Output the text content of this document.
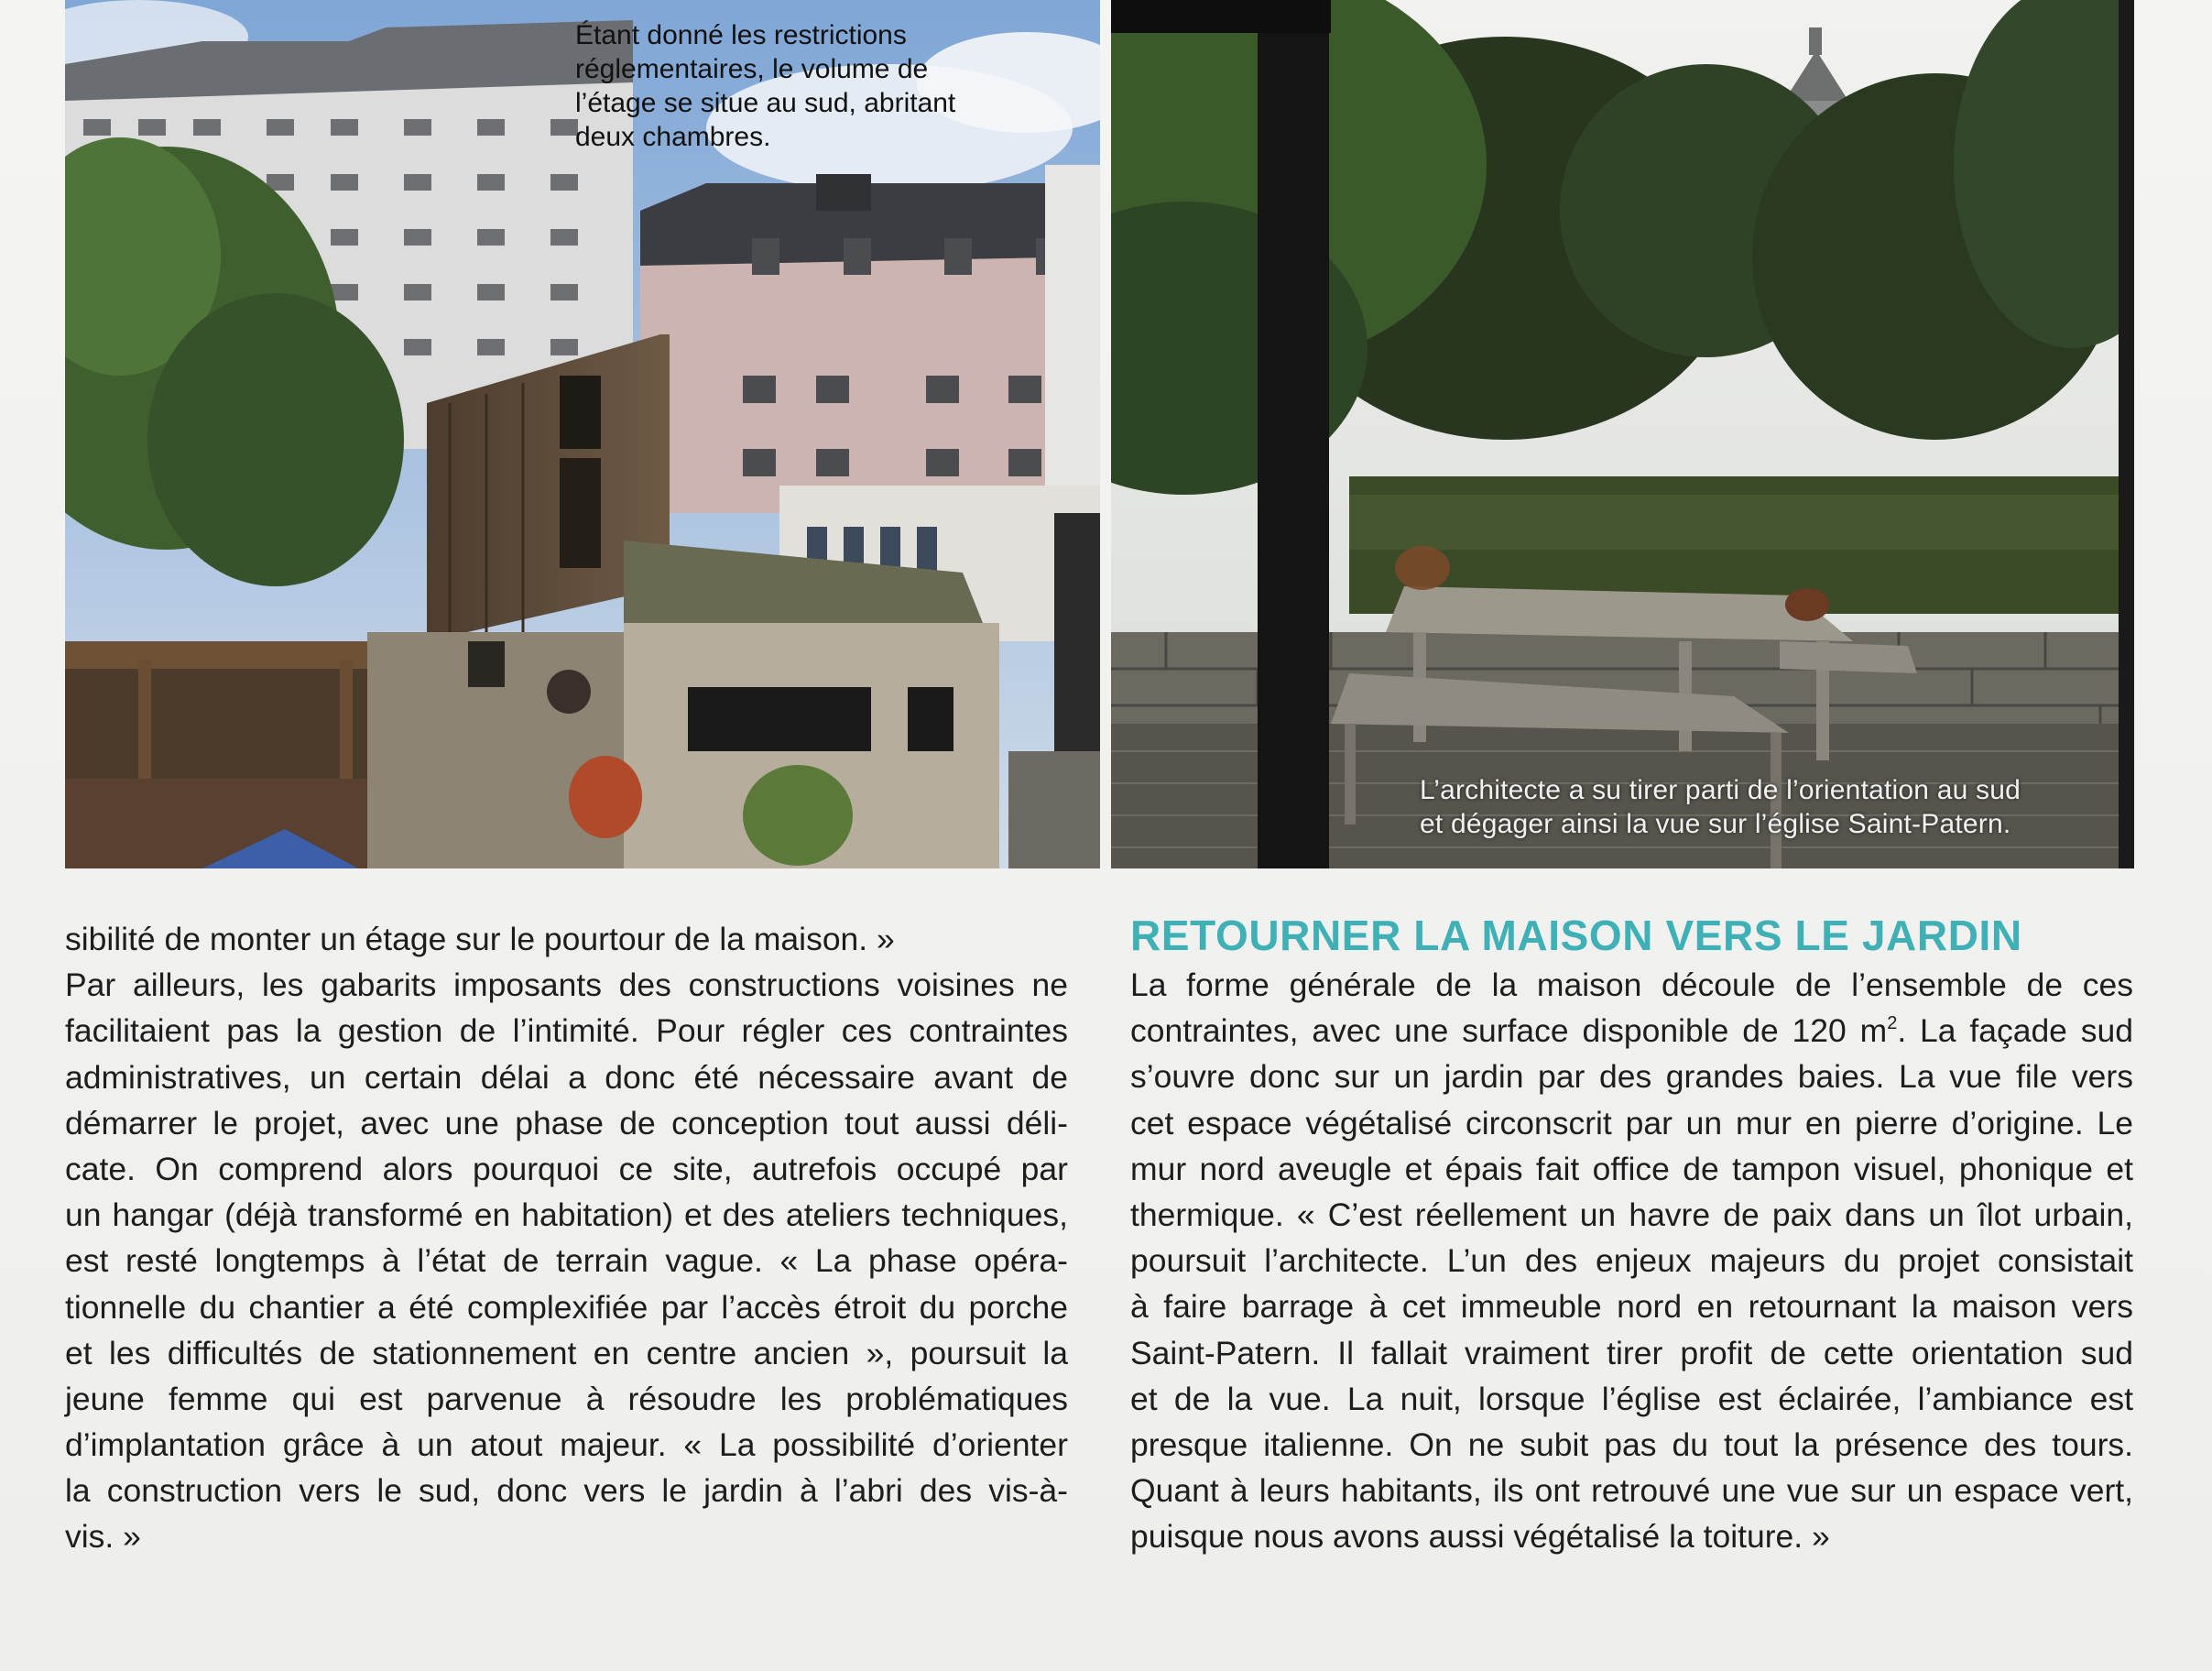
Étant donné les restrictions
réglementaires, le volume de
l’étage se situe au sud, abritant
deux chambres.

L’architecte a su tirer parti de l’orientation au sud
et dégager ainsi la vue sur l’église Saint-Patern.

sibilité de monter un étage sur le pourtour de la maison. »
Par ailleurs, les gabarits imposants des constructions voisines ne
facilitaient pas la gestion de l’intimité. Pour régler ces contraintes
administratives, un certain délai a donc été nécessaire avant de
démarrer le projet, avec une phase de conception tout aussi déli-
cate. On comprend alors pourquoi ce site, autrefois occupé par
un hangar (déjà transformé en habitation) et des ateliers techniques,
est resté longtemps à l’état de terrain vague. « La phase opéra-
tionnelle du chantier a été complexifiée par l’accès étroit du porche
et les difficultés de stationnement en centre ancien », poursuit la
jeune femme qui est parvenue à résoudre les problématiques
d’implantation grâce à un atout majeur. « La possibilité d’orienter
la construction vers le sud, donc vers le jardin à l’abri des vis-à-
vis. »
RETOURNER LA MAISON VERS LE JARDIN
La forme générale de la maison découle de l’ensemble de ces
contraintes, avec une surface disponible de 120 $m^2$. La façade sud
s’ouvre donc sur un jardin par des grandes baies. La vue file vers
cet espace végétalisé circonscrit par un mur en pierre d’origine. Le
mur nord aveugle et épais fait office de tampon visuel, phonique et
thermique. « C’est réellement un havre de paix dans un îlot urbain,
poursuit l’architecte. L’un des enjeux majeurs du projet consistait
à faire barrage à cet immeuble nord en retournant la maison vers
Saint-Patern. Il fallait vraiment tirer profit de cette orientation sud
et de la vue. La nuit, lorsque l’église est éclairée, l’ambiance est
presque italienne. On ne subit pas du tout la présence des tours.
Quant à leurs habitants, ils ont retrouvé une vue sur un espace vert,
puisque nous avons aussi végétalisé la toiture. »
